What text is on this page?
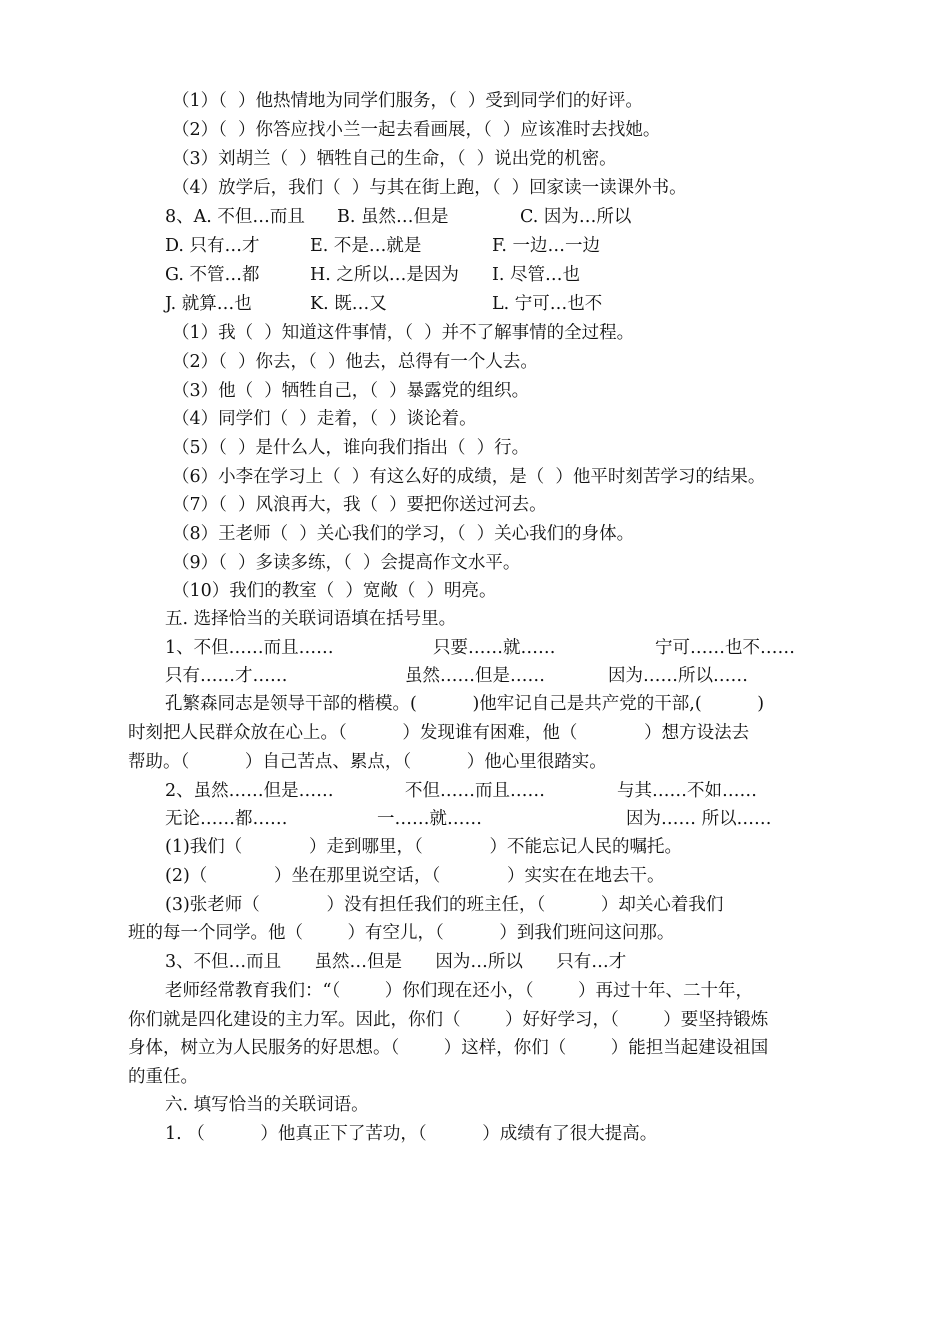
（1）（  ）他热情地为同学们服务，（  ）受到同学们的好评。
（2）（  ）你答应找小兰一起去看画展，（  ）应该准时去找她。
（3）刘胡兰（  ）牺牲自己的生命，（  ）说出党的机密。
（4）放学后，我们（  ）与其在街上跑，（  ）回家读一读课外书。
8、A. 不但…而且 B. 虽然…但是	C. 因为…所以
D. 只有…才	E. 不是…就是	F. 一边…一边
G. 不管…都	H. 之所以…是因为 I. 尽管…也
J. 就算…也	K. 既…又	L. 宁可…也不
（1）我（  ）知道这件事情，（  ）并不了解事情的全过程。
（2）（  ）你去，（  ）他去，总得有一个人去。
（3）他（  ）牺牲自己，（  ）暴露党的组织。
（4）同学们（  ）走着，（  ）谈论着。
（5）（  ）是什么人，谁向我们指出（  ）行。
（6）小李在学习上（  ）有这么好的成绩，是（  ）他平时刻苦学习的结果。
（7）（  ）风浪再大，我（  ）要把你送过河去。
（8）王老师（  ）关心我们的学习，（  ）关心我们的身体。
（9）（  ）多读多练，（  ）会提高作文水平。
（10）我们的教室（  ）宽敞（  ）明亮。
五. 选择恰当的关联词语填在括号里。
1、不但……而且……	只要……就……	宁可……也不……
只有……才……	虽然……但是……	因为……所以……
孔繁森同志是领导干部的楷模。(          )他牢记自己是共产党的干部,(          )
时刻把人民群众放在心上。（          ）发现谁有困难，他（            ）想方设法去
帮助。（          ）自己苦点、累点，（          ）他心里很踏实。
2、虽然……但是……	不但……而且……	与其……不如……
无论……都……	一……就……	因为…… 所以……
(1)我们（            ）走到哪里，（            ）不能忘记人民的嘱托。
(2)（            ）坐在那里说空话，（            ）实实在在地去干。
(3)张老师（            ）没有担任我们的班主任，（          ）却关心着我们
班的每一个同学。他（        ）有空儿，（          ）到我们班问这问那。
3、不但…而且      虽然…但是      因为…所以      只有…才
老师经常教育我们：“（        ）你们现在还小，（        ）再过十年、二十年，
你们就是四化建设的主力军。因此，你们（        ）好好学习，（        ）要坚持锻炼
身体，树立为人民服务的好思想。（        ）这样，你们（        ）能担当起建设祖国
的重任。
六. 填写恰当的关联词语。
1. （          ）他真正下了苦功，（          ）成绩有了很大提高。
